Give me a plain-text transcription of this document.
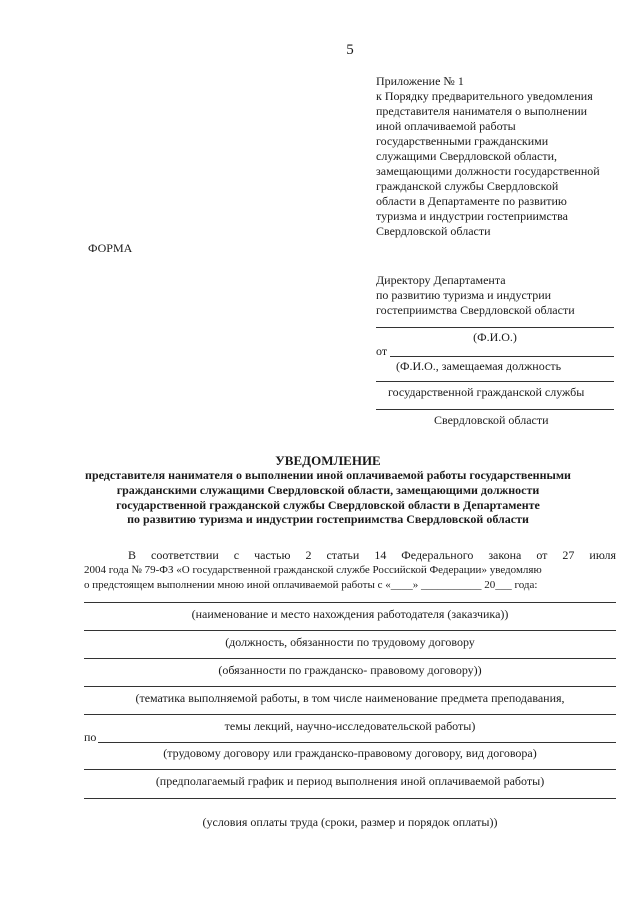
5
Приложение № 1
к Порядку предварительного уведомления
представителя нанимателя о выполнении
иной оплачиваемой работы
государственными гражданскими
служащими Свердловской области,
замещающими должности государственной
гражданской службы Свердловской
области в Департаменте по развитию
туризма и индустрии гостеприимства
Свердловской области
ФОРМА
Директору Департамента
по развитию туризма и индустрии
гостеприимства Свердловской области
(Ф.И.О.)
от
(Ф.И.О., замещаемая должность
государственной гражданской службы
Свердловской области
УВЕДОМЛЕНИЕ
представителя нанимателя о выполнении иной оплачиваемой работы государственными
гражданскими служащими Свердловской области, замещающими должности
государственной гражданской службы Свердловской области в Департаменте
по развитию туризма и индустрии гостеприимства Свердловской области
В соответствии с частью 2 статьи 14 Федерального закона от 27 июля
2004 года № 79-ФЗ «О государственной гражданской службе Российской Федерации» уведомляю
о предстоящем выполнении мною иной оплачиваемой работы с «____» ___________ 20___ года:
(наименование и место нахождения работодателя (заказчика))
(должность, обязанности по трудовому договору
(обязанности по гражданско- правовому договору))
(тематика выполняемой работы, в том числе наименование предмета преподавания,
темы лекций, научно-исследовательской работы)
по
(трудовому договору или гражданско-правовому договору, вид договора)
(предполагаемый график и период выполнения иной оплачиваемой работы)
(условия оплаты труда (сроки, размер и порядок оплаты))
